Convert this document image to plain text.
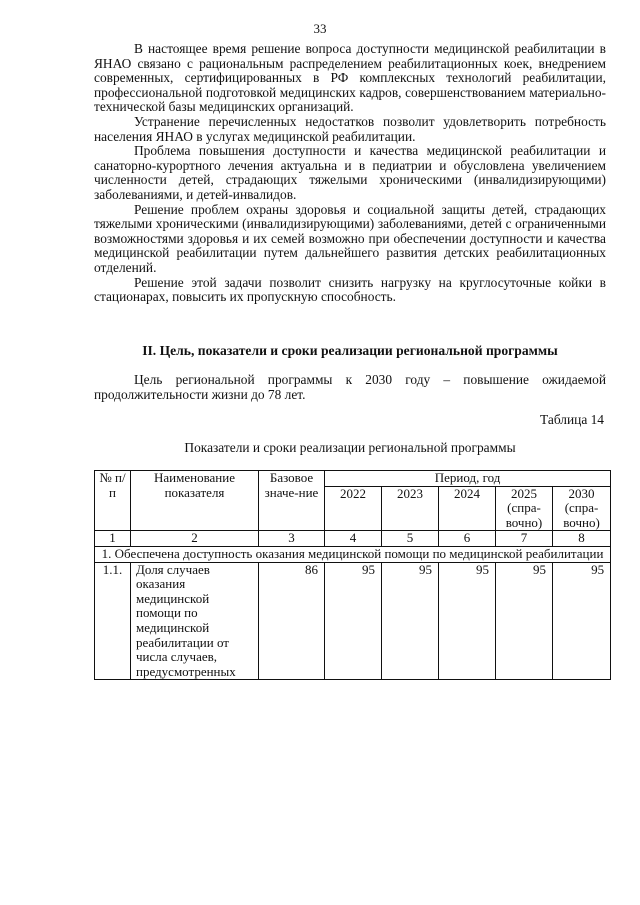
33

В настоящее время решение вопроса доступности медицинской реабилитации в ЯНАО связано с рациональным распределением реабилитационных коек, внедрением современных, сертифицированных в РФ комплексных технологий реабилитации, профессиональной подготовкой медицинских кадров, совершенствованием материально-технической базы медицинских организаций.

Устранение перечисленных недостатков позволит удовлетворить потребность населения ЯНАО в услугах медицинской реабилитации.

Проблема повышения доступности и качества медицинской реабилитации и санаторно-курортного лечения актуальна и в педиатрии и обусловлена увеличением численности детей, страдающих тяжелыми хроническими (инвалидизирующими) заболеваниями, и детей-инвалидов.

Решение проблем охраны здоровья и социальной защиты детей, страдающих тяжелыми хроническими (инвалидизирующими) заболеваниями, детей с ограниченными возможностями здоровья и их семей возможно при обеспечении доступности и качества медицинской реабилитации путем дальнейшего развития детских реабилитационных отделений.

Решение этой задачи позволит снизить нагрузку на круглосуточные койки в стационарах, повысить их пропускную способность.

II. Цель, показатели и сроки реализации региональной программы

Цель региональной программы к 2030 году – повышение ожидаемой продолжительности жизни до 78 лет.

Таблица 14
Показатели и сроки реализации региональной программы
№ п/п	Наименование показателя	Базовое значе-ние	Период, год				
			2022	2023	2024	2025 (спра-вочно)	2030 (спра-вочно)
1	2	3	4	5	6	7	8
1. Обеспечена доступность оказания медицинской помощи по медицинской реабилитации							
1.1.	Доля случаев оказания медицинской помощи по медицинской реабилитации от числа случаев, предусмотренных	86	95	95	95	95	95
